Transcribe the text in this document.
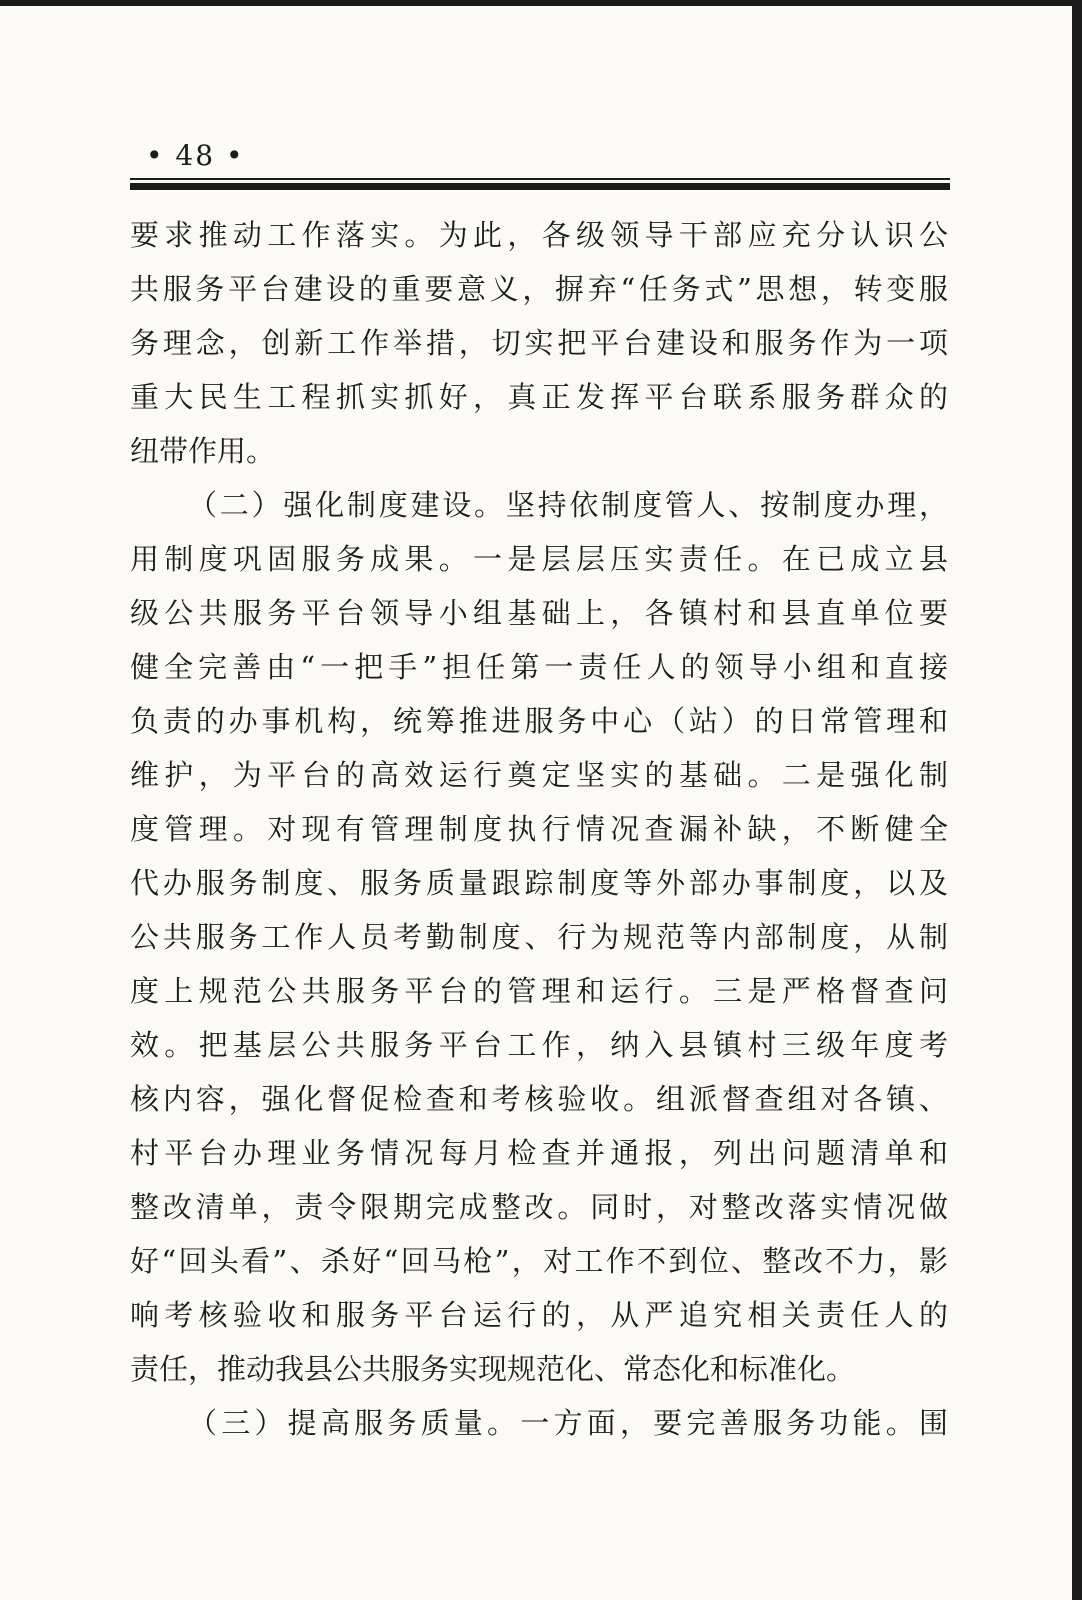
• 48 •
要求推动工作落实。为此，各级领导干部应充分认识公
共服务平台建设的重要意义，摒弃“任务式”思想，转变服
务理念，创新工作举措，切实把平台建设和服务作为一项
重大民生工程抓实抓好，真正发挥平台联系服务群众的
纽带作用。
（二）强化制度建设。坚持依制度管人、按制度办理，
用制度巩固服务成果。一是层层压实责任。在已成立县
级公共服务平台领导小组基础上，各镇村和县直单位要
健全完善由“一把手”担任第一责任人的领导小组和直接
负责的办事机构，统筹推进服务中心（站）的日常管理和
维护，为平台的高效运行奠定坚实的基础。二是强化制
度管理。对现有管理制度执行情况查漏补缺，不断健全
代办服务制度、服务质量跟踪制度等外部办事制度，以及
公共服务工作人员考勤制度、行为规范等内部制度，从制
度上规范公共服务平台的管理和运行。三是严格督查问
效。把基层公共服务平台工作，纳入县镇村三级年度考
核内容，强化督促检查和考核验收。组派督查组对各镇、
村平台办理业务情况每月检查并通报，列出问题清单和
整改清单，责令限期完成整改。同时，对整改落实情况做
好“回头看”、杀好“回马枪”，对工作不到位、整改不力，影
响考核验收和服务平台运行的，从严追究相关责任人的
责任，推动我县公共服务实现规范化、常态化和标准化。
（三）提高服务质量。一方面，要完善服务功能。围
